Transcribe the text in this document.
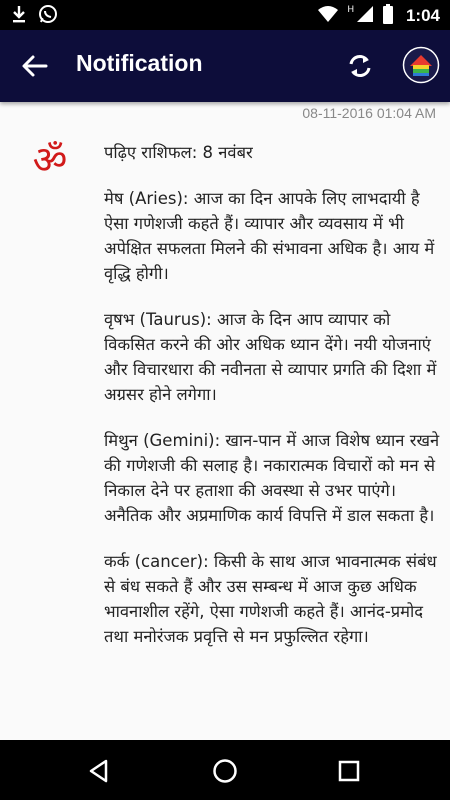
H	1:04
Notification
08-11-2016 01:04 AM
ॐ पढ़िए राशिफल: 8 नवंबर

मेष (Aries): आज का दिन आपके लिए लाभदायी है ऐसा गणेशजी कहते हैं। व्यापार और व्यवसाय में भी अपेक्षित सफलता मिलने की संभावना अधिक है। आय में वृद्धि होगी।

वृषभ (Taurus): आज के दिन आप व्यापार को विकसित करने की ओर अधिक ध्यान देंगे। नयी योजनाएं और विचारधारा की नवीनता से व्यापार प्रगति की दिशा में अग्रसर होने लगेगा।

मिथुन (Gemini): खान-पान में आज विशेष ध्यान रखने की गणेशजी की सलाह है। नकारात्मक विचारों को मन से निकाल देने पर हताशा की अवस्था से उभर पाएंगे। अनैतिक और अप्रमाणिक कार्य विपत्ति में डाल सकता है।

कर्क (cancer): किसी के साथ आज भावनात्मक संबंध से बंध सकते हैं और उस सम्बन्ध में आज कुछ अधिक भावनाशील रहेंगे, ऐसा गणेशजी कहते हैं। आनंद-प्रमोद तथा मनोरंजक प्रवृत्ति से मन प्रफुल्लित रहेगा।
